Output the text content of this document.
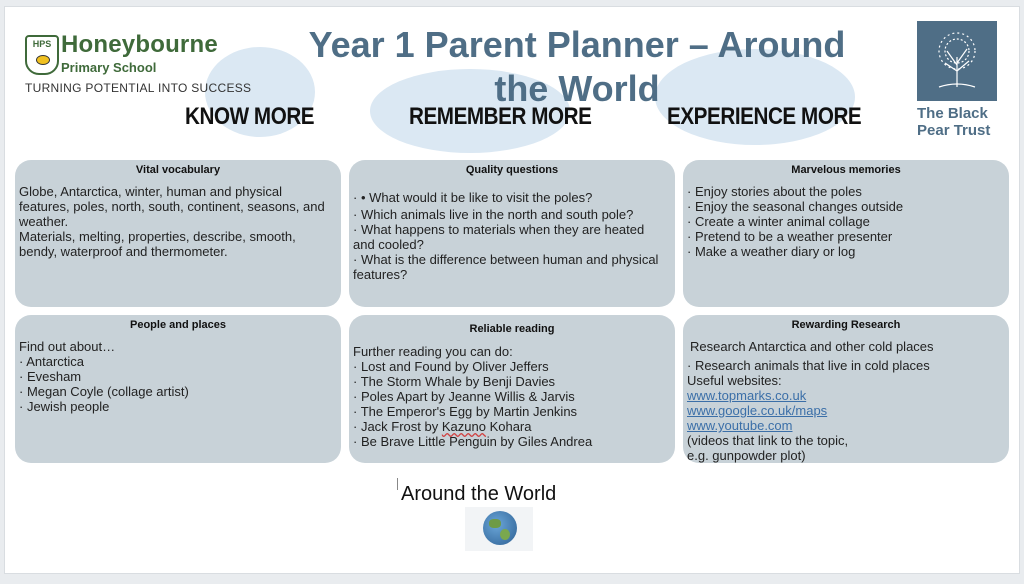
HPS Honeybourne
Primary School
TURNING POTENTIAL INTO SUCCESS
Year 1 Parent Planner – Around
the World
KNOW MORE	REMEMBER MORE	EXPERIENCE MORE	The Black
Pear Trust
Vital vocabulary

Globe, Antarctica, winter, human and physical features, poles, north, south, continent, seasons, and weather.

Materials, melting, properties, describe, smooth, bendy, waterproof and thermometer.

Quality questions

· • What would it be like to visit the poles?

· Which animals live in the north and south pole?

· What happens to materials when they are heated and cooled?

· What is the difference between human and physical features?

Marvelous memories

· Enjoy stories about the poles

· Enjoy the seasonal changes outside

· Create a winter animal collage

· Pretend to be a weather presenter

· Make a weather diary or log

People and places

Find out about…

· Antarctica

· Evesham

· Megan Coyle (collage artist)

· Jewish people

Reliable reading

Further reading you can do:

· Lost and Found by Oliver Jeffers

· The Storm Whale by Benji Davies

· Poles Apart by Jeanne Willis & Jarvis

· The Emperor's Egg by Martin Jenkins

· Jack Frost by Kazuno Kohara

· Be Brave Little Penguin by Giles Andrea

Rewarding Research

Research Antarctica and other cold places

· Research animals that live in cold places

Useful websites:

www.topmarks.co.uk

www.google.co.uk/maps

www.youtube.com

(videos that link to the topic,

e.g. gunpowder plot)

Around the World
